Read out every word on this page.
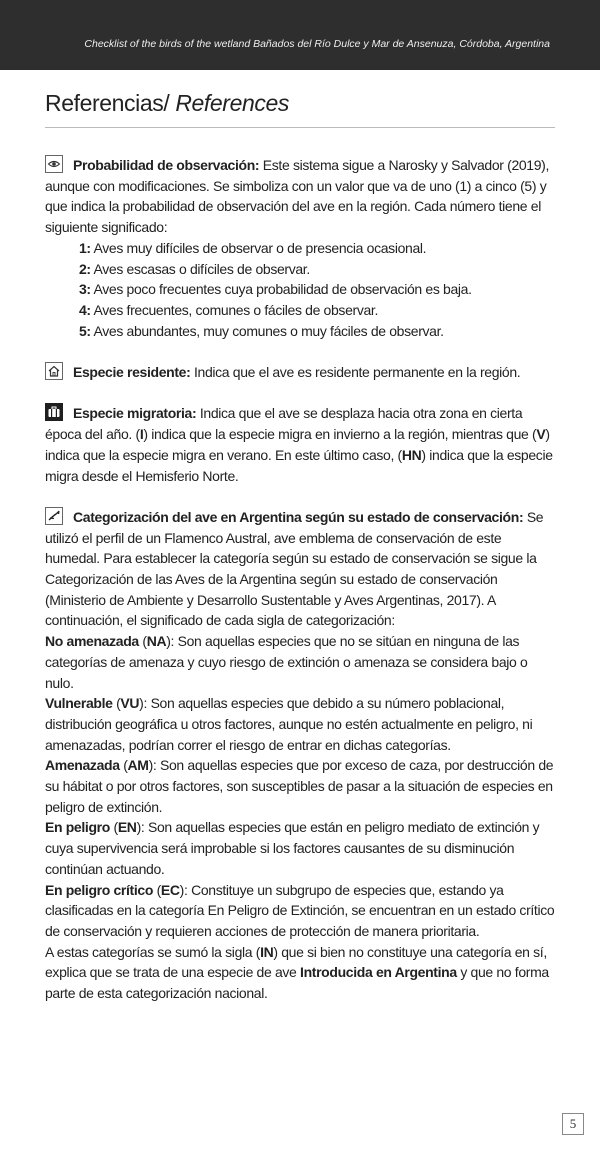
Checklist of the birds of the wetland Bañados del Río Dulce y Mar de Ansenuza, Córdoba, Argentina
Referencias/ References
Probabilidad de observación: Este sistema sigue a Narosky y Salvador (2019), aunque con modificaciones. Se simboliza con un valor que va de uno (1) a cinco (5) y que indica la probabilidad de observación del ave en la región. Cada número tiene el siguiente significado:
1: Aves muy difíciles de observar o de presencia ocasional.
2: Aves escasas o difíciles de observar.
3: Aves poco frecuentes cuya probabilidad de observación es baja.
4: Aves frecuentes, comunes o fáciles de observar.
5: Aves abundantes, muy comunes o muy fáciles de observar.
Especie residente: Indica que el ave es residente permanente en la región.
Especie migratoria: Indica que el ave se desplaza hacia otra zona en cierta época del año. (I) indica que la especie migra en invierno a la región, mientras que (V) indica que la especie migra en verano. En este último caso, (HN) indica que la especie migra desde el Hemisferio Norte.
Categorización del ave en Argentina según su estado de conservación: Se utilizó el perfil de un Flamenco Austral, ave emblema de conservación de este humedal. Para establecer la categoría según su estado de conservación se sigue la Categorización de las Aves de la Argentina según su estado de conservación (Ministerio de Ambiente y Desarrollo Sustentable y Aves Argentinas, 2017). A continuación, el significado de cada sigla de categorización:
No amenazada (NA): Son aquellas especies que no se sitúan en ninguna de las categorías de amenaza y cuyo riesgo de extinción o amenaza se considera bajo o nulo.
Vulnerable (VU): Son aquellas especies que debido a su número poblacional, distribución geográfica u otros factores, aunque no estén actualmente en peligro, ni amenazadas, podrían correr el riesgo de entrar en dichas categorías.
Amenazada (AM): Son aquellas especies que por exceso de caza, por destrucción de su hábitat o por otros factores, son susceptibles de pasar a la situación de especies en peligro de extinción.
En peligro (EN): Son aquellas especies que están en peligro mediato de extinción y cuya supervivencia será improbable si los factores causantes de su disminución continúan actuando.
En peligro crítico (EC): Constituye un subgrupo de especies que, estando ya clasificadas en la categoría En Peligro de Extinción, se encuentran en un estado crítico de conservación y requieren acciones de protección de manera prioritaria.
A estas categorías se sumó la sigla (IN) que si bien no constituye una categoría en sí, explica que se trata de una especie de ave Introducida en Argentina y que no forma parte de esta categorización nacional.
5
